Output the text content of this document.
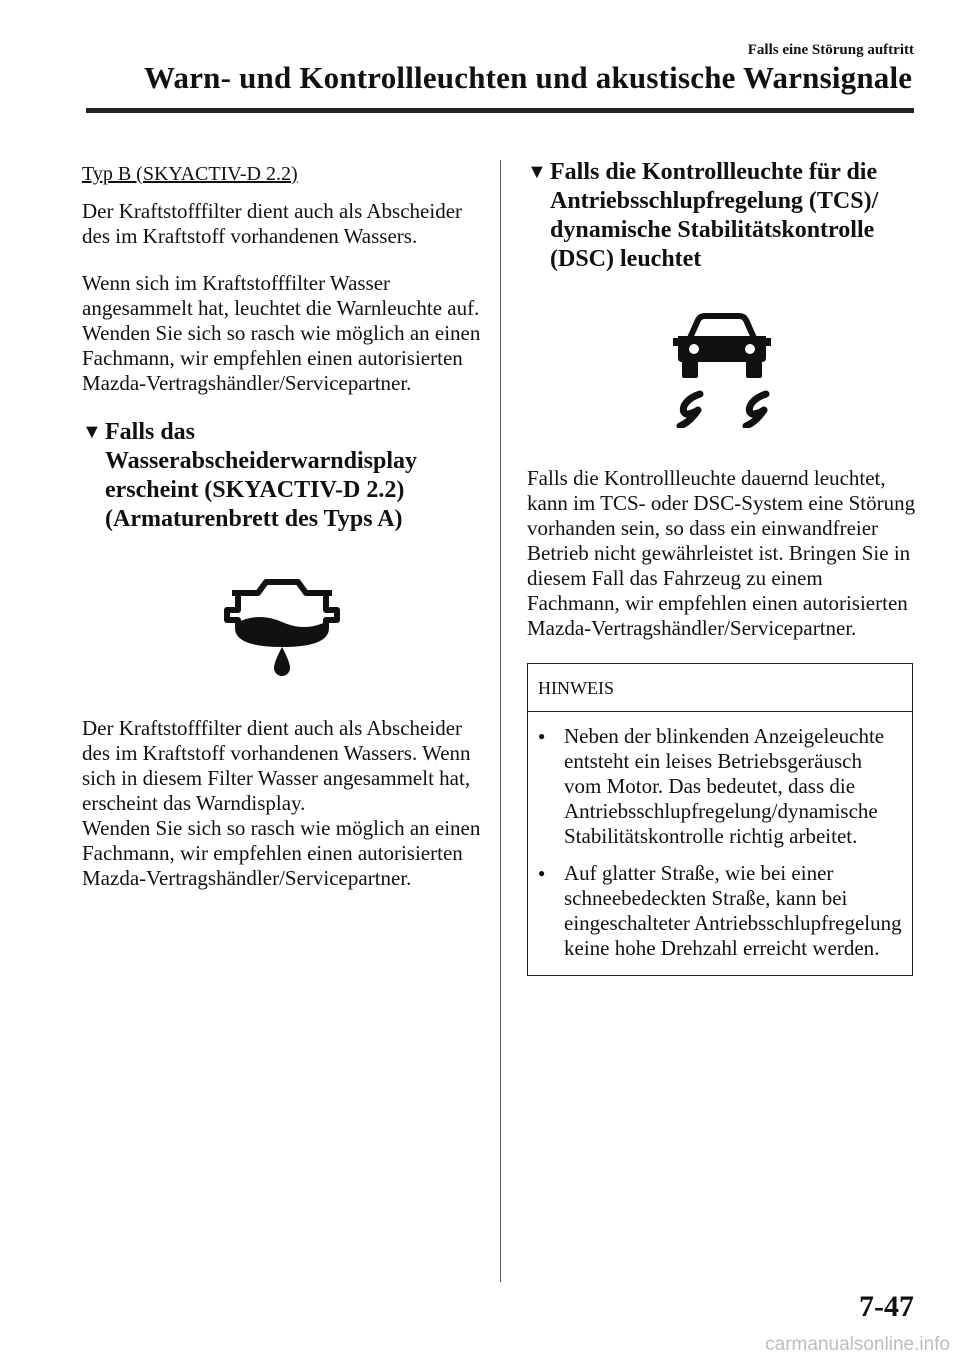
Falls eine Störung auftritt
Warn- und Kontrollleuchten und akustische Warnsignale
Typ B (SKYACTIV-D 2.2)

Der Kraftstofffilter dient auch als Abscheider des im Kraftstoff vorhandenen Wassers.

Wenn sich im Kraftstofffilter Wasser angesammelt hat, leuchtet die Warnleuchte auf.

Wenden Sie sich so rasch wie möglich an einen Fachmann, wir empfehlen einen autorisierten Mazda-Vertragshändler/Servicepartner.

▼ Falls das Wasserabscheiderwarndisplay erscheint (SKYACTIV-D 2.2) (Armaturenbrett des Typs A)

Der Kraftstofffilter dient auch als Abscheider des im Kraftstoff vorhandenen Wassers. Wenn sich in diesem Filter Wasser angesammelt hat, erscheint das Warndisplay.

Wenden Sie sich so rasch wie möglich an einen Fachmann, wir empfehlen einen autorisierten Mazda-Vertragshändler/Servicepartner.

▼ Falls die Kontrollleuchte für die Antriebsschlupfregelung (TCS)/ dynamische Stabilitätskontrolle (DSC) leuchtet

Falls die Kontrollleuchte dauernd leuchtet, kann im TCS- oder DSC-System eine Störung vorhanden sein, so dass ein einwandfreier Betrieb nicht gewährleistet ist. Bringen Sie in diesem Fall das Fahrzeug zu einem Fachmann, wir empfehlen einen autorisierten Mazda-Vertragshändler/Servicepartner.

HINWEIS
● Neben der blinkenden Anzeigeleuchte entsteht ein leises Betriebsgeräusch vom Motor. Das bedeutet, dass die Antriebsschlupfregelung/dynamische Stabilitätskontrolle richtig arbeitet.
● Auf glatter Straße, wie bei einer schneebedeckten Straße, kann bei eingeschalteter Antriebsschlupfregelung keine hohe Drehzahl erreicht werden.
7-47
carmanualsonline.info
